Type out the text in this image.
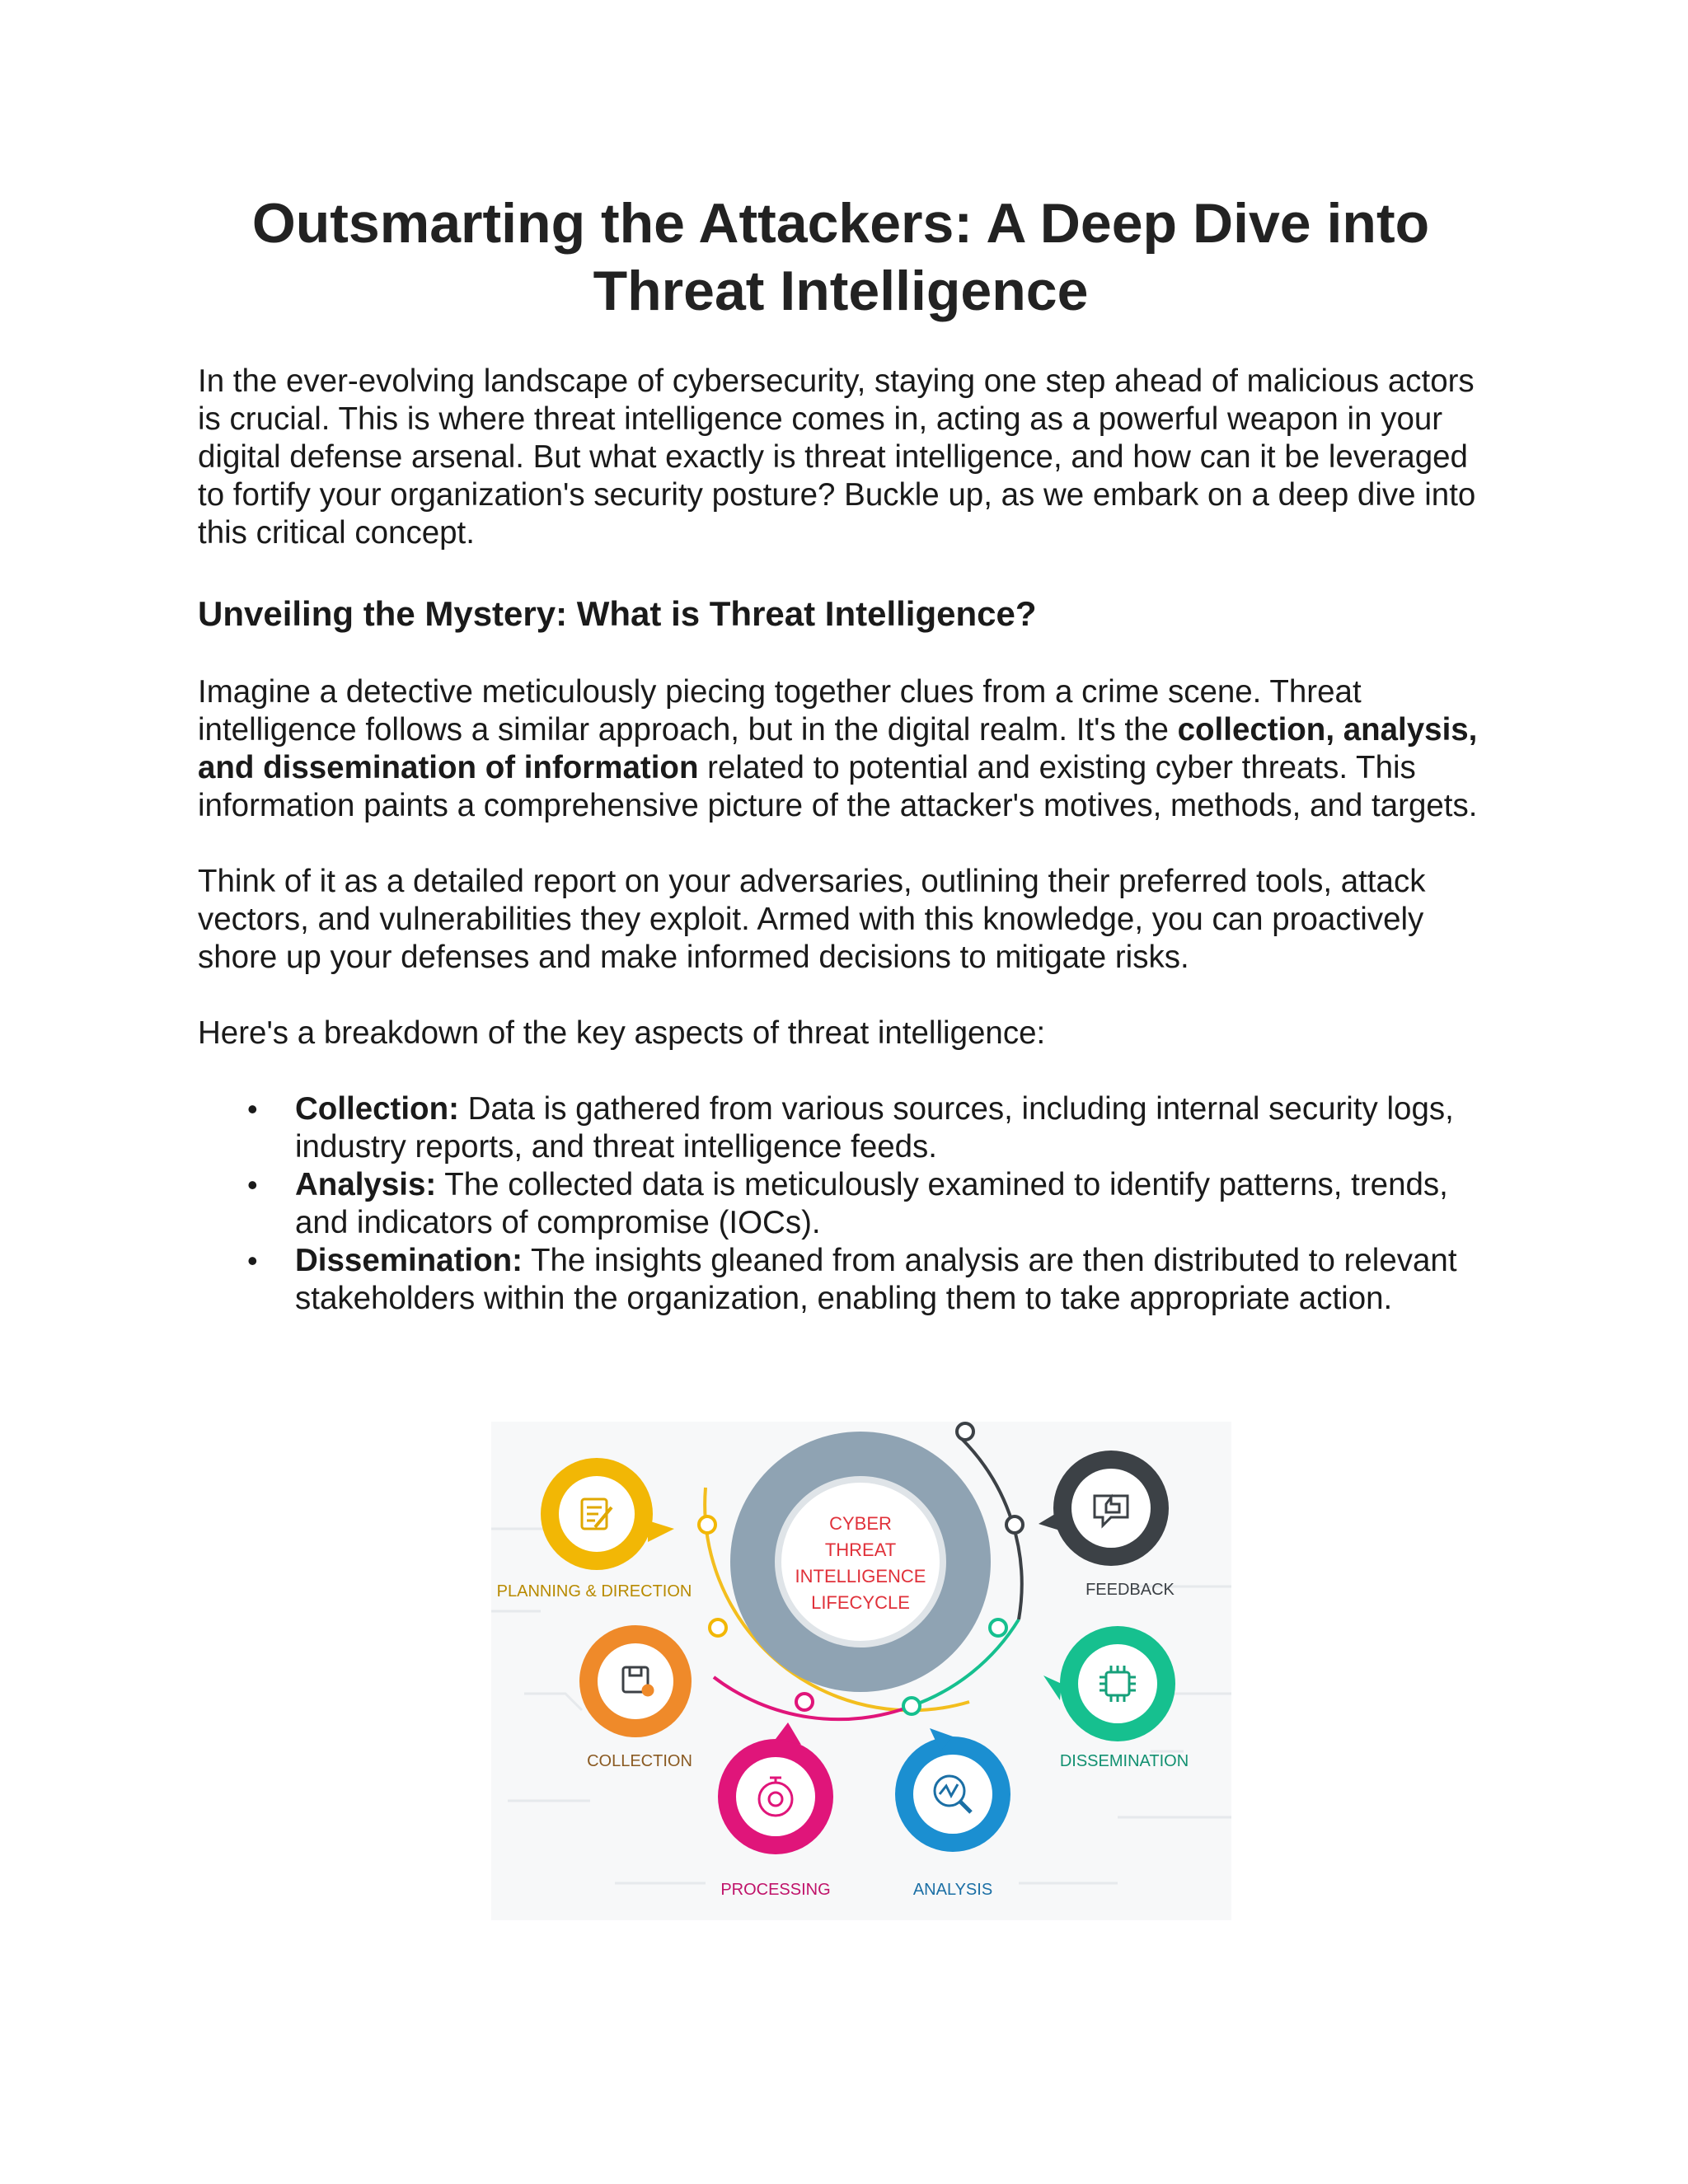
Outsmarting the Attackers: A Deep Dive into Threat Intelligence

In the ever-evolving landscape of cybersecurity, staying one step ahead of malicious actors is crucial. This is where threat intelligence comes in, acting as a powerful weapon in your digital defense arsenal. But what exactly is threat intelligence, and how can it be leveraged to fortify your organization's security posture? Buckle up, as we embark on a deep dive into this critical concept.

Unveiling the Mystery: What is Threat Intelligence?

Imagine a detective meticulously piecing together clues from a crime scene. Threat intelligence follows a similar approach, but in the digital realm. It's the collection, analysis, and dissemination of information related to potential and existing cyber threats. This information paints a comprehensive picture of the attacker's motives, methods, and targets.

Think of it as a detailed report on your adversaries, outlining their preferred tools, attack vectors, and vulnerabilities they exploit. Armed with this knowledge, you can proactively shore up your defenses and make informed decisions to mitigate risks.

Here's a breakdown of the key aspects of threat intelligence:

• Collection: Data is gathered from various sources, including internal security logs, industry reports, and threat intelligence feeds.
• Analysis: The collected data is meticulously examined to identify patterns, trends, and indicators of compromise (IOCs).
• Dissemination: The insights gleaned from analysis are then distributed to relevant stakeholders within the organization, enabling them to take appropriate action.
CYBER
THREAT
INTELLIGENCE
LIFECYCLE
PLANNING & DIRECTION
COLLECTION
PROCESSING	ANALYSIS
DISSEMINATION
FEEDBACK
